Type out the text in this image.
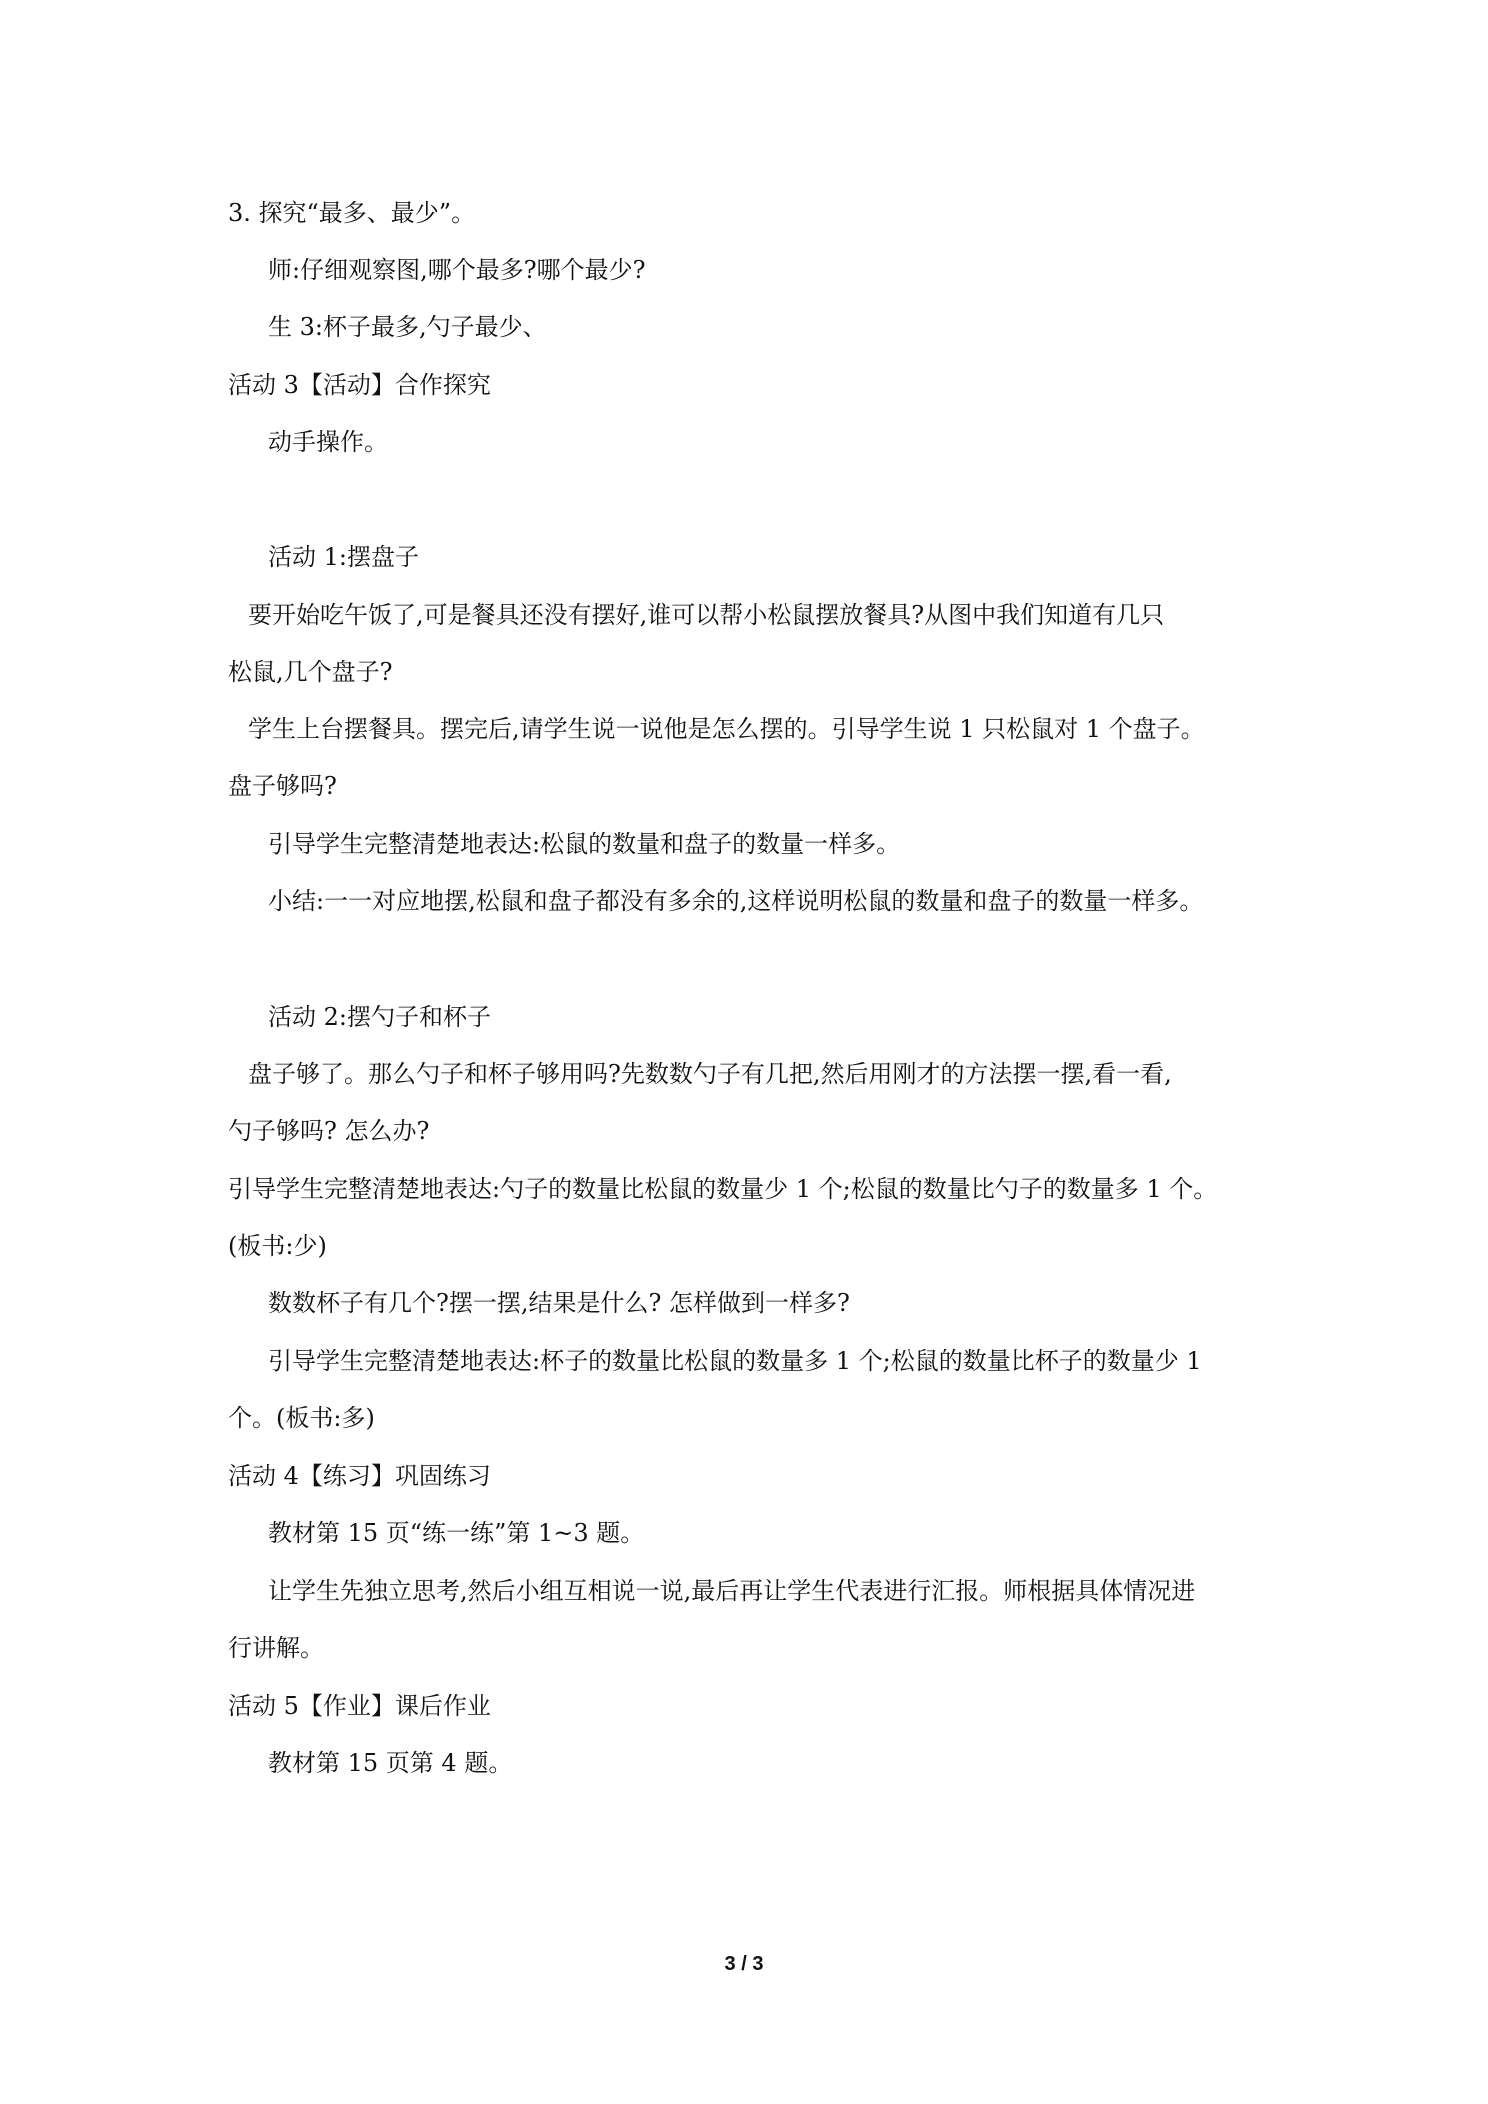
3. 探究“最多、最少”。
师:仔细观察图,哪个最多?哪个最少?
生 3:杯子最多,勺子最少、
活动 3【活动】合作探究
动手操作。
活动 1:摆盘子
要开始吃午饭了,可是餐具还没有摆好,谁可以帮小松鼠摆放餐具?从图中我们知道有几只
松鼠,几个盘子?
学生上台摆餐具。摆完后,请学生说一说他是怎么摆的。引导学生说 1 只松鼠对 1 个盘子。
盘子够吗?
引导学生完整清楚地表达:松鼠的数量和盘子的数量一样多。
小结:一一对应地摆,松鼠和盘子都没有多余的,这样说明松鼠的数量和盘子的数量一样多。
活动 2:摆勺子和杯子
盘子够了。那么勺子和杯子够用吗?先数数勺子有几把,然后用刚才的方法摆一摆,看一看,
勺子够吗? 怎么办?
引导学生完整清楚地表达:勺子的数量比松鼠的数量少 1 个;松鼠的数量比勺子的数量多 1 个。
(板书:少)
数数杯子有几个?摆一摆,结果是什么? 怎样做到一样多?
引导学生完整清楚地表达:杯子的数量比松鼠的数量多 1 个;松鼠的数量比杯子的数量少 1
个。(板书:多)
活动 4【练习】巩固练习
教材第 15 页“练一练”第 1~3 题。
让学生先独立思考,然后小组互相说一说,最后再让学生代表进行汇报。师根据具体情况进
行讲解。
活动 5【作业】课后作业
教材第 15 页第 4 题。
3 / 3
